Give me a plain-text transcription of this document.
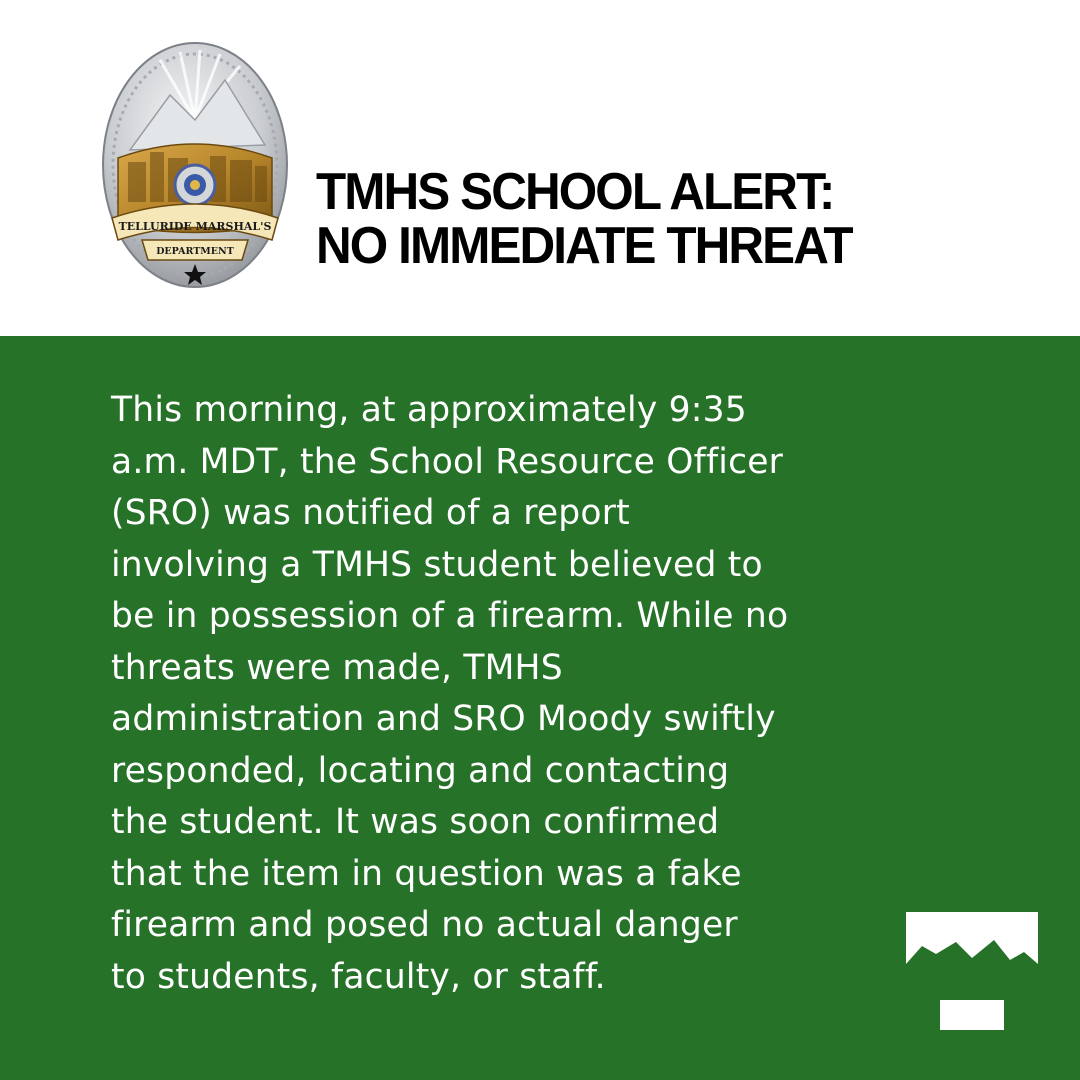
TELLURIDE MARSHAL'S
DEPARTMENT
TMHS SCHOOL ALERT:
NO IMMEDIATE THREAT
This morning, at approximately 9:35
a.m. MDT, the School Resource Officer
(SRO) was notified of a report
involving a TMHS student believed to
be in possession of a firearm. While no
threats were made, TMHS
administration and SRO Moody swiftly
responded, locating and contacting
the student. It was soon confirmed
that the item in question was a fake
firearm and posed no actual danger
to students, faculty, or staff.
